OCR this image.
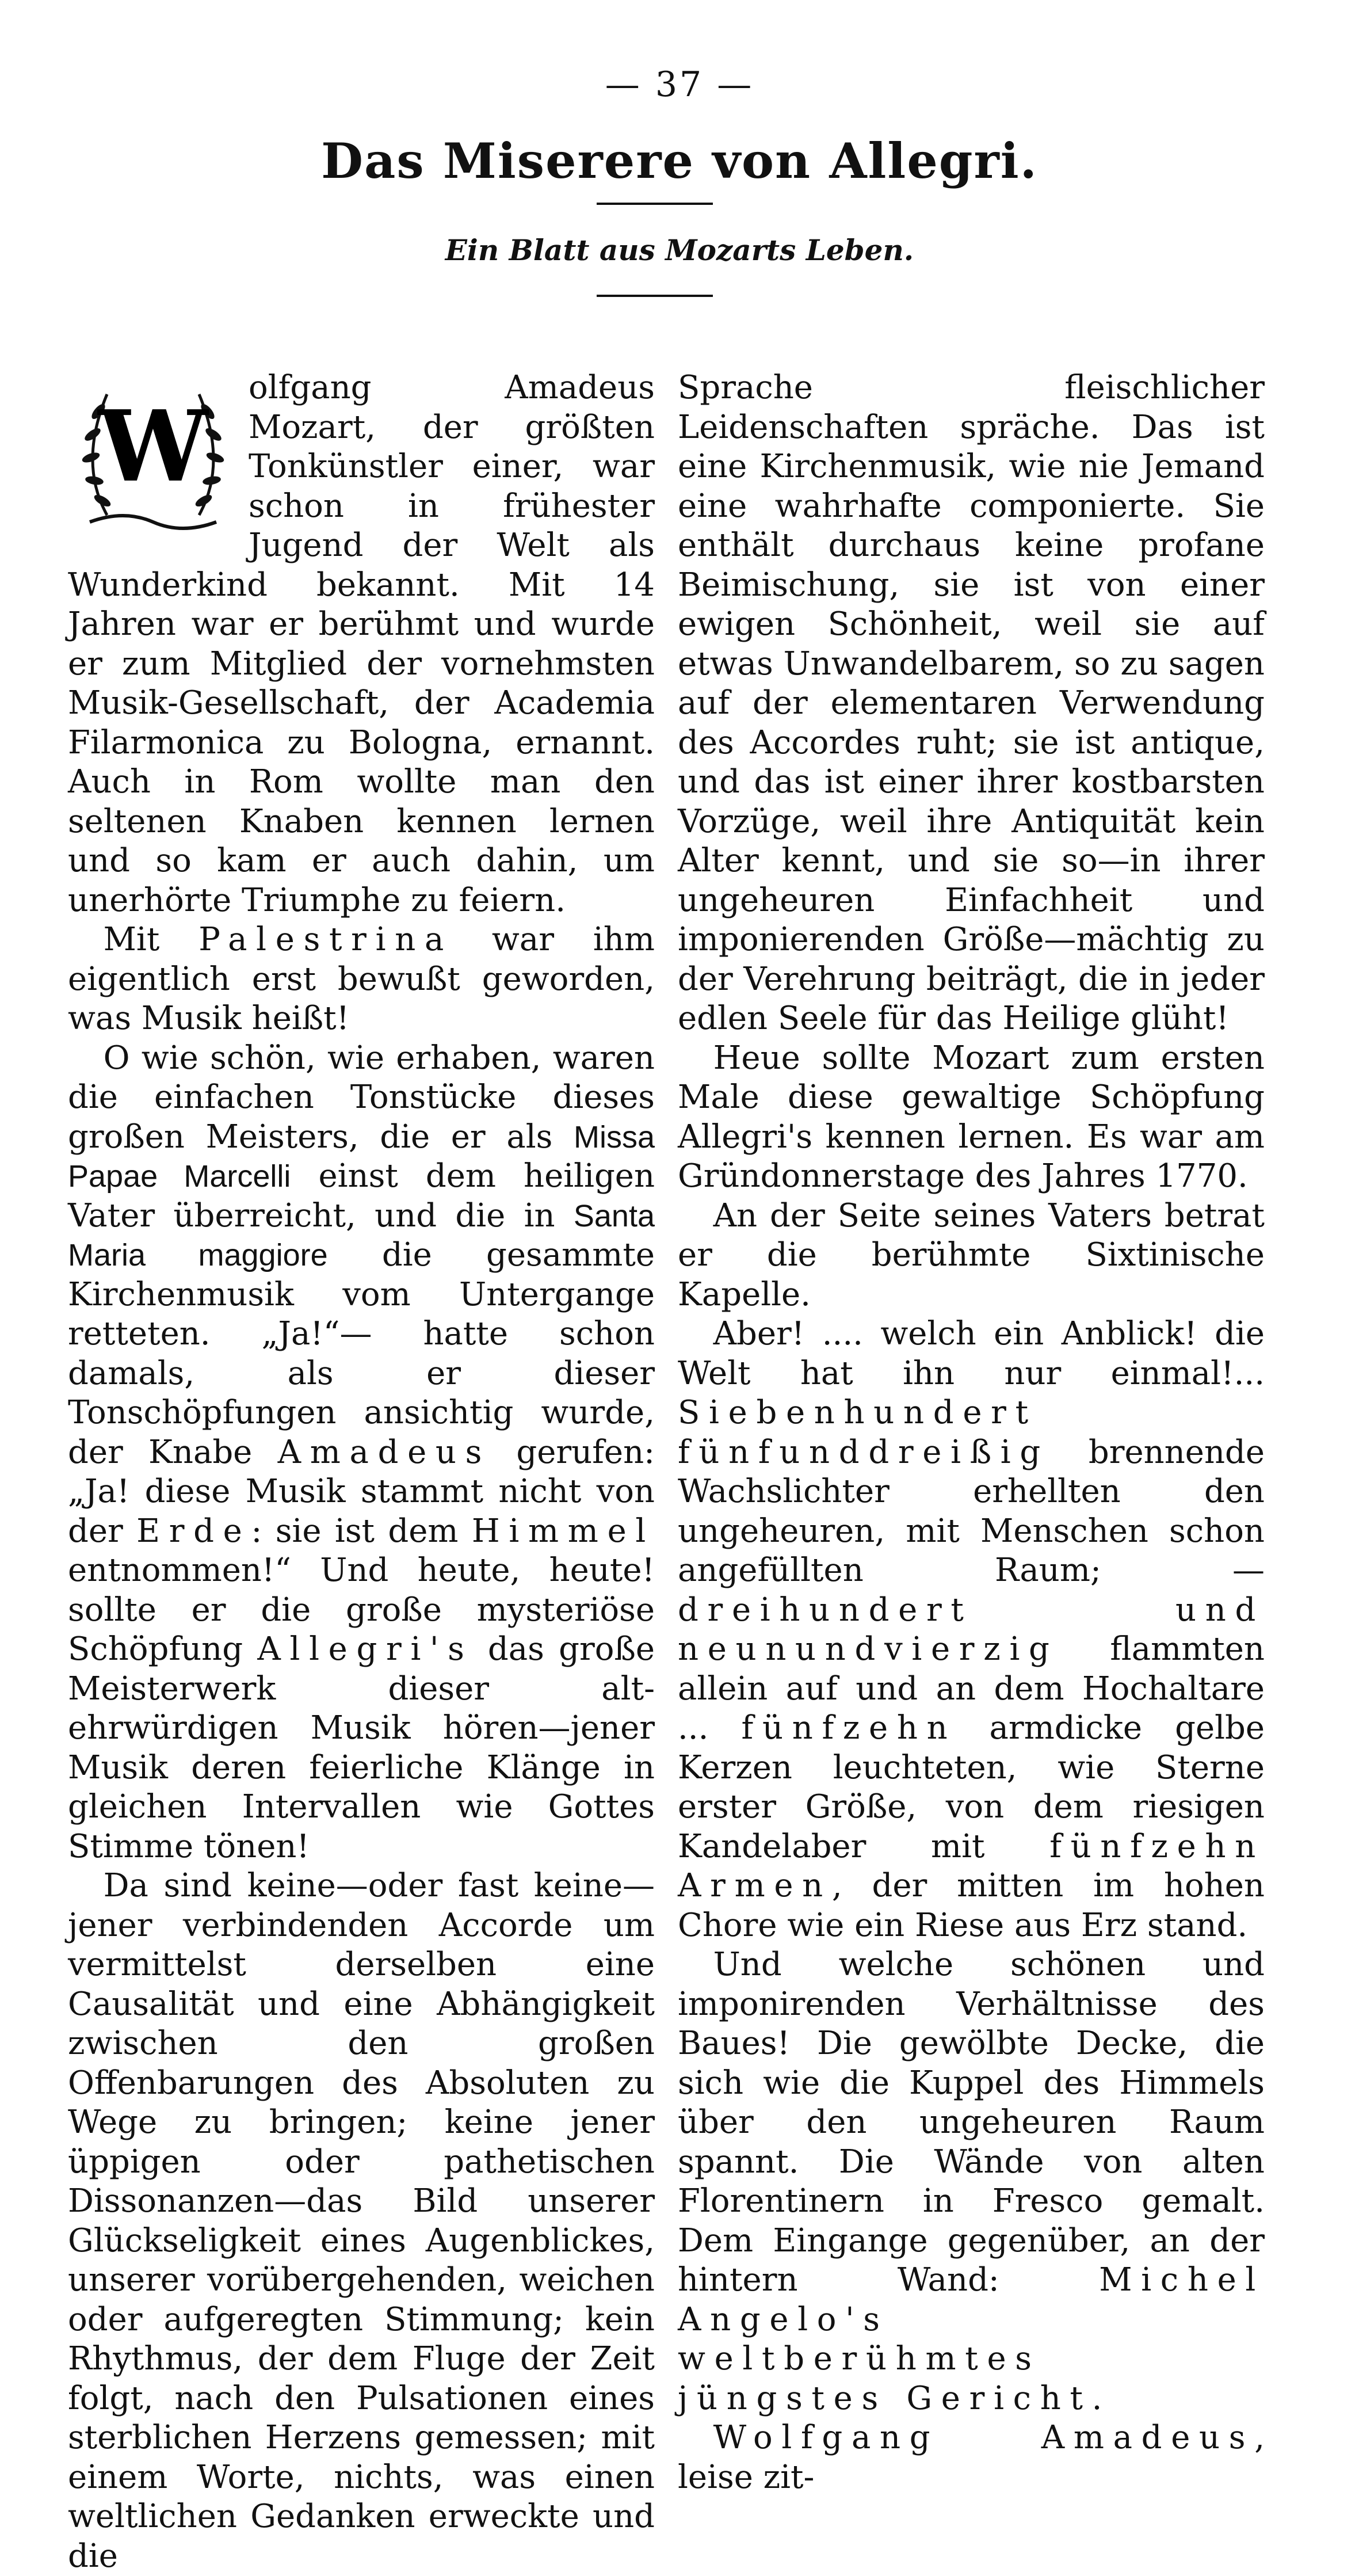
— 37 —
Das Miserere von Allegri.
Ein Blatt aus Mozarts Leben.

W
olfgang Amadeus Mozart, der größten Tonkünstler einer, war schon in frühester Jugend der Welt als Wunderkind bekannt. Mit 14 Jahren war er berühmt und wurde er zum Mitglied der vornehmsten Musik-Gesellschaft, der Academia Filarmonica zu Bologna, ernannt. Auch in Rom wollte man den seltenen Knaben kennen lernen und so kam er auch dahin, um unerhörte Triumphe zu feiern.

Mit Palestrina war ihm eigentlich erst bewußt geworden, was Musik heißt!

O wie schön, wie erhaben, waren die einfachen Tonstücke dieses großen Meisters, die er als Missa Papae Marcelli einst dem heiligen Vater überreicht, und die in Santa Maria maggiore die gesammte Kirchenmusik vom Untergange retteten. „Ja!“— hatte schon damals, als er dieser Tonschöpfungen ansichtig wurde, der Knabe Amadeus gerufen: „Ja! diese Musik stammt nicht von der Erde: sie ist dem Himmel entnommen!“ Und heute, heute! sollte er die große mysteriöse Schöpfung Allegri's das große Meisterwerk dieser alt-ehrwürdigen Musik hören—jener Musik deren feierliche Klänge in gleichen Intervallen wie Gottes Stimme tönen!

Da sind keine—oder fast keine—jener verbindenden Accorde um vermittelst derselben eine Causalität und eine Abhängigkeit zwischen den großen Offenbarungen des Absoluten zu Wege zu bringen; keine jener üppigen oder pathetischen Dissonanzen—das Bild unserer Glückseligkeit eines Augenblickes, unserer vorübergehenden, weichen oder aufgeregten Stimmung; kein Rhythmus, der dem Fluge der Zeit folgt, nach den Pulsationen eines sterblichen Herzens gemessen; mit einem Worte, nichts, was einen weltlichen Gedanken erweckte und die

Sprache fleischlicher Leidenschaften spräche. Das ist eine Kirchenmusik, wie nie Jemand eine wahrhafte componierte. Sie enthält durchaus keine profane Beimischung, sie ist von einer ewigen Schönheit, weil sie auf etwas Unwandelbarem, so zu sagen auf der elementaren Verwendung des Accordes ruht; sie ist antique, und das ist einer ihrer kostbarsten Vorzüge, weil ihre Antiquität kein Alter kennt, und sie so—in ihrer ungeheuren Einfachheit und imponierenden Größe—mächtig zu der Verehrung beiträgt, die in jeder edlen Seele für das Heilige glüht!

Heue sollte Mozart zum ersten Male diese gewaltige Schöpfung Allegri's kennen lernen. Es war am Gründonnerstage des Jahres 1770.

An der Seite seines Vaters betrat er die berühmte Sixtinische Kapelle.

Aber! .... welch ein Anblick! die Welt hat ihn nur einmal!... Siebenhundert fünfunddreißig brennende Wachslichter erhellten den ungeheuren, mit Menschen schon angefüllten Raum; — dreihundert und neunundvierzig flammten allein auf und an dem Hochaltare ... fünfzehn armdicke gelbe Kerzen leuchteten, wie Sterne erster Größe, von dem riesigen Kandelaber mit fünfzehn Armen, der mitten im hohen Chore wie ein Riese aus Erz stand.

Und welche schönen und imponirenden Verhältnisse des Baues! Die gewölbte Decke, die sich wie die Kuppel des Himmels über den ungeheuren Raum spannt. Die Wände von alten Florentinern in Fresco gemalt. Dem Eingange gegenüber, an der hintern Wand: Michel Angelo's weltberühmtes jüngstes Gericht.

Wolfgang Amadeus, leise zit-
